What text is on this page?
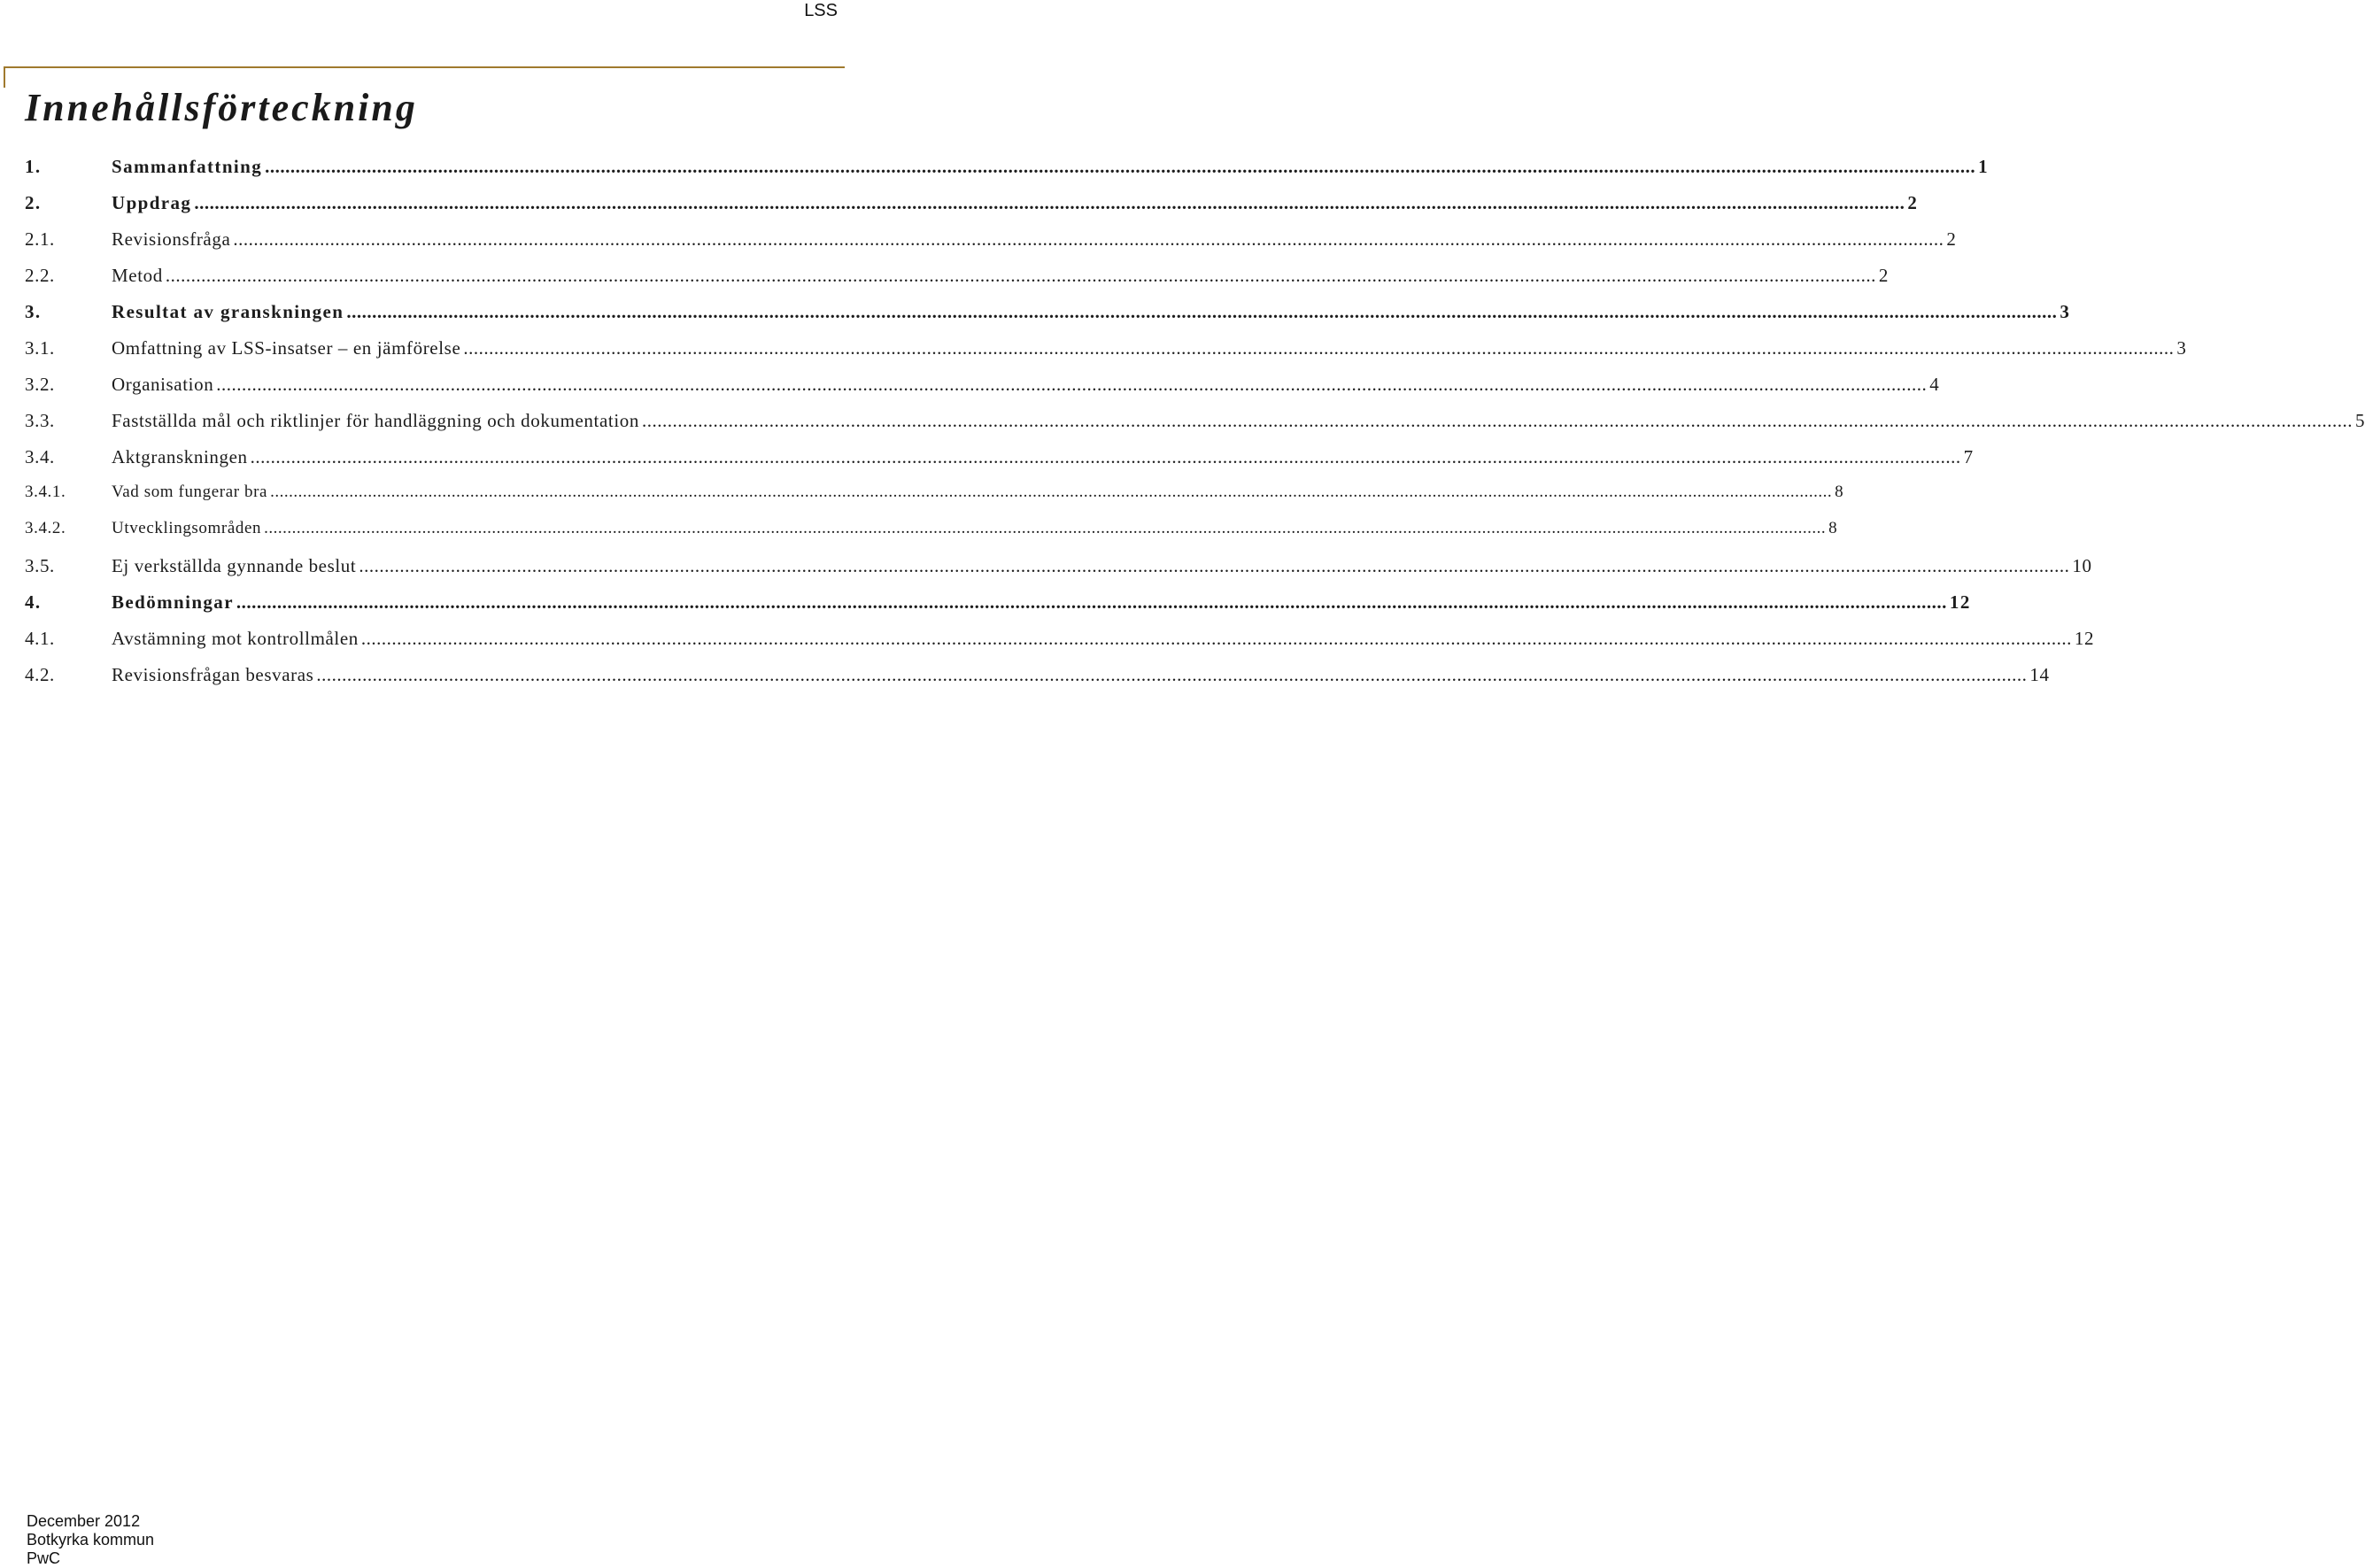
LSS
Innehållsförteckning
1.	Sammanfattning .....	1
2.	Uppdrag .....	2
2.1.	Revisionsfråga .....	2
2.2.	Metod .....	2
3.	Resultat av granskningen .....	3
3.1.	Omfattning av LSS-insatser – en jämförelse .....	3
3.2.	Organisation .....	4
3.3.	Fastställda mål och riktlinjer för handläggning och dokumentation .....	5
3.4.	Aktgranskningen .....	7
3.4.1.	Vad som fungerar bra .....	8
3.4.2.	Utvecklingsområden .....	8
3.5.	Ej verkställda gynnande beslut .....	10
4.	Bedömningar .....	12
4.1.	Avstämning mot kontrollmålen .....	12
4.2.	Revisionsfrågan besvaras .....	14
December 2012
Botkyrka kommun
PwC
